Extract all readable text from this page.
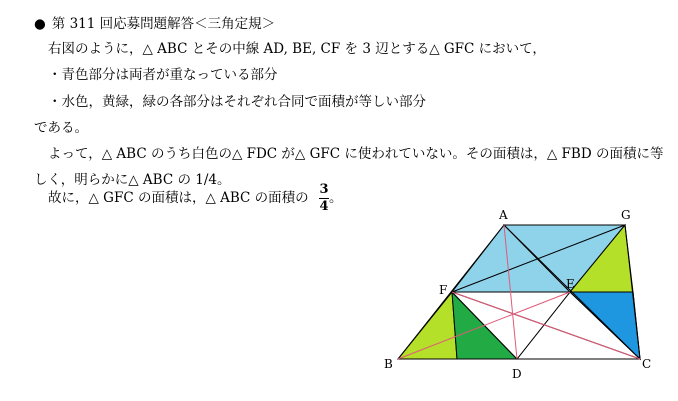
● 第 311 回応募問題解答＜三角定規＞
右図のように，△ ABC とその中線 AD, BE, CF を 3 辺とする△ GFC において，
・青色部分は両者が重なっている部分
・水色，黄緑，緑の各部分はそれぞれ合同で面積が等しい部分
である。
よって，△ ABC のうち白色の△ FDC が△ GFC に使われていない。その面積は，△ FBD の面積に等
しく，明らかに△ ABC の 1/4。
故に，△ GFC の面積は，△ ABC の面積の $\frac{3}{4}$ 。
A	G
F	E
B
D
C
